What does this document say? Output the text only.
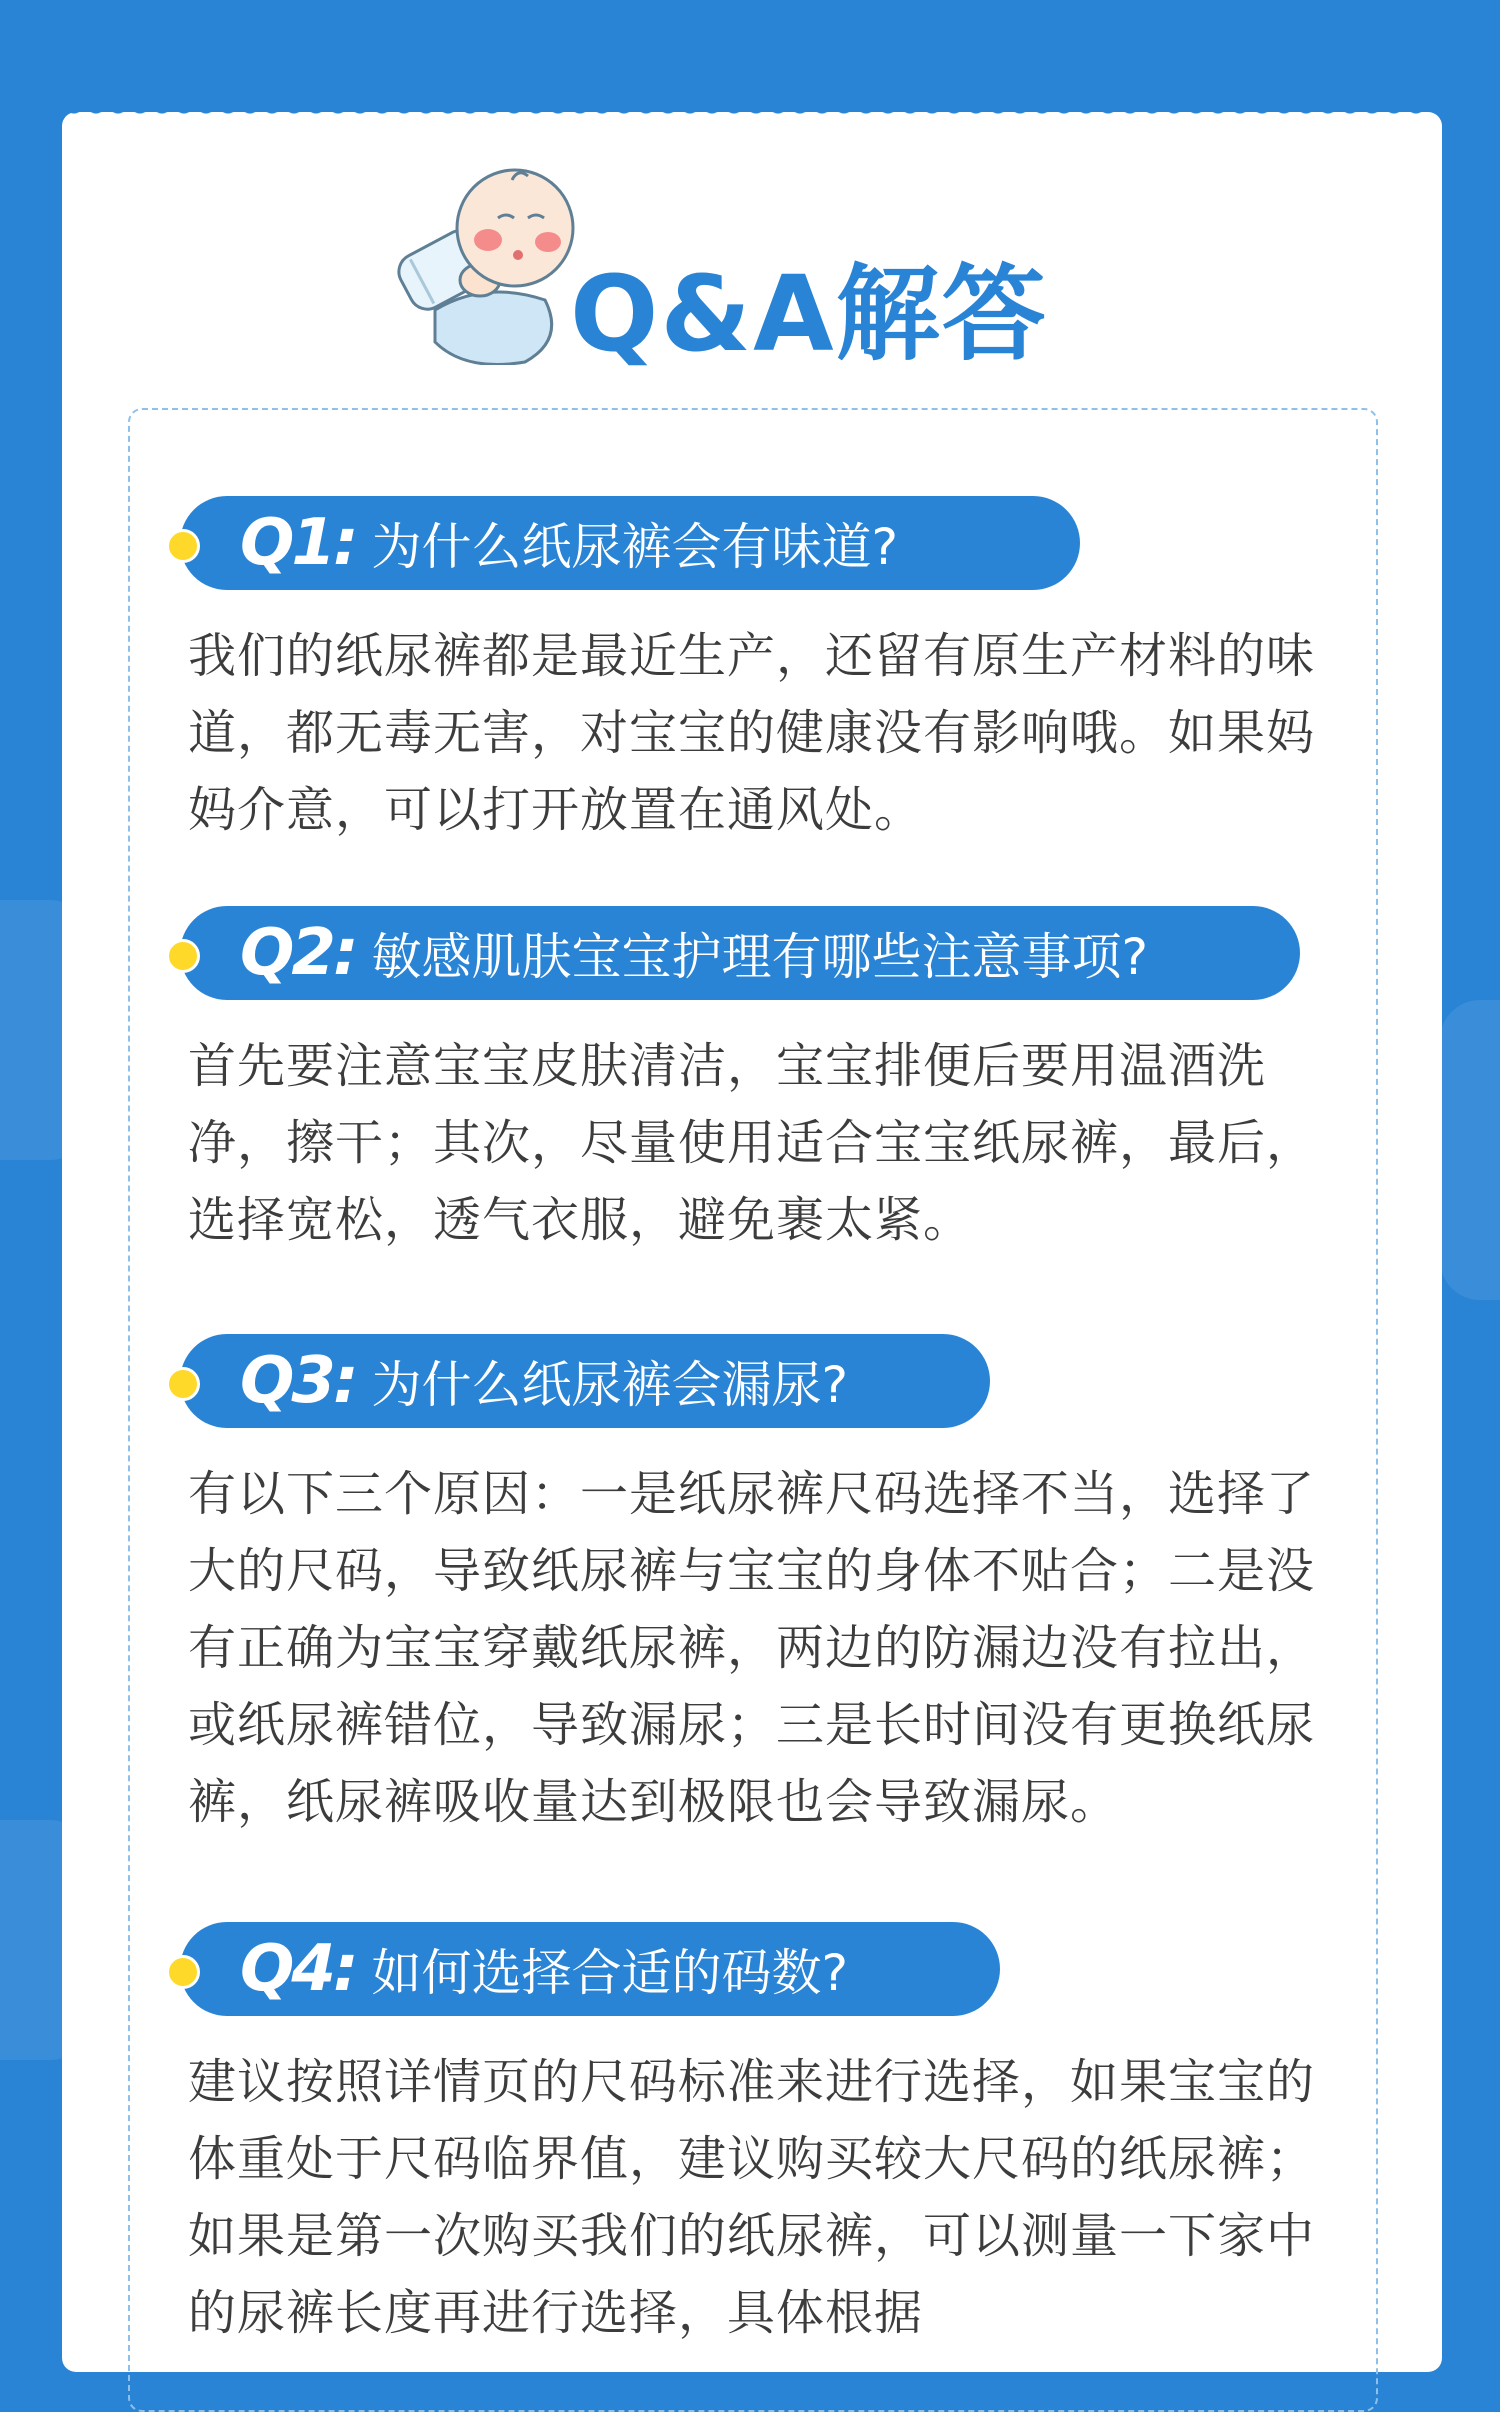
Q&A解答
Q1: 为什么纸尿裤会有味道?

我们的纸尿裤都是最近生产，还留有原生产材料的味道，都无毒无害，对宝宝的健康没有影响哦。如果妈妈介意，可以打开放置在通风处。

Q2: 敏感肌肤宝宝护理有哪些注意事项?

首先要注意宝宝皮肤清洁，宝宝排便后要用温酒洗净，擦干；其次，尽量使用适合宝宝纸尿裤，最后，选择宽松，透气衣服，避免裹太紧。

Q3: 为什么纸尿裤会漏尿?

有以下三个原因：一是纸尿裤尺码选择不当，选择了大的尺码，导致纸尿裤与宝宝的身体不贴合；二是没有正确为宝宝穿戴纸尿裤，两边的防漏边没有拉出，或纸尿裤错位，导致漏尿；三是长时间没有更换纸尿裤，纸尿裤吸收量达到极限也会导致漏尿。

Q4: 如何选择合适的码数?

建议按照详情页的尺码标准来进行选择，如果宝宝的体重处于尺码临界值，建议购买较大尺码的纸尿裤；如果是第一次购买我们的纸尿裤，可以测量一下家中的尿裤长度再进行选择，具体根据
